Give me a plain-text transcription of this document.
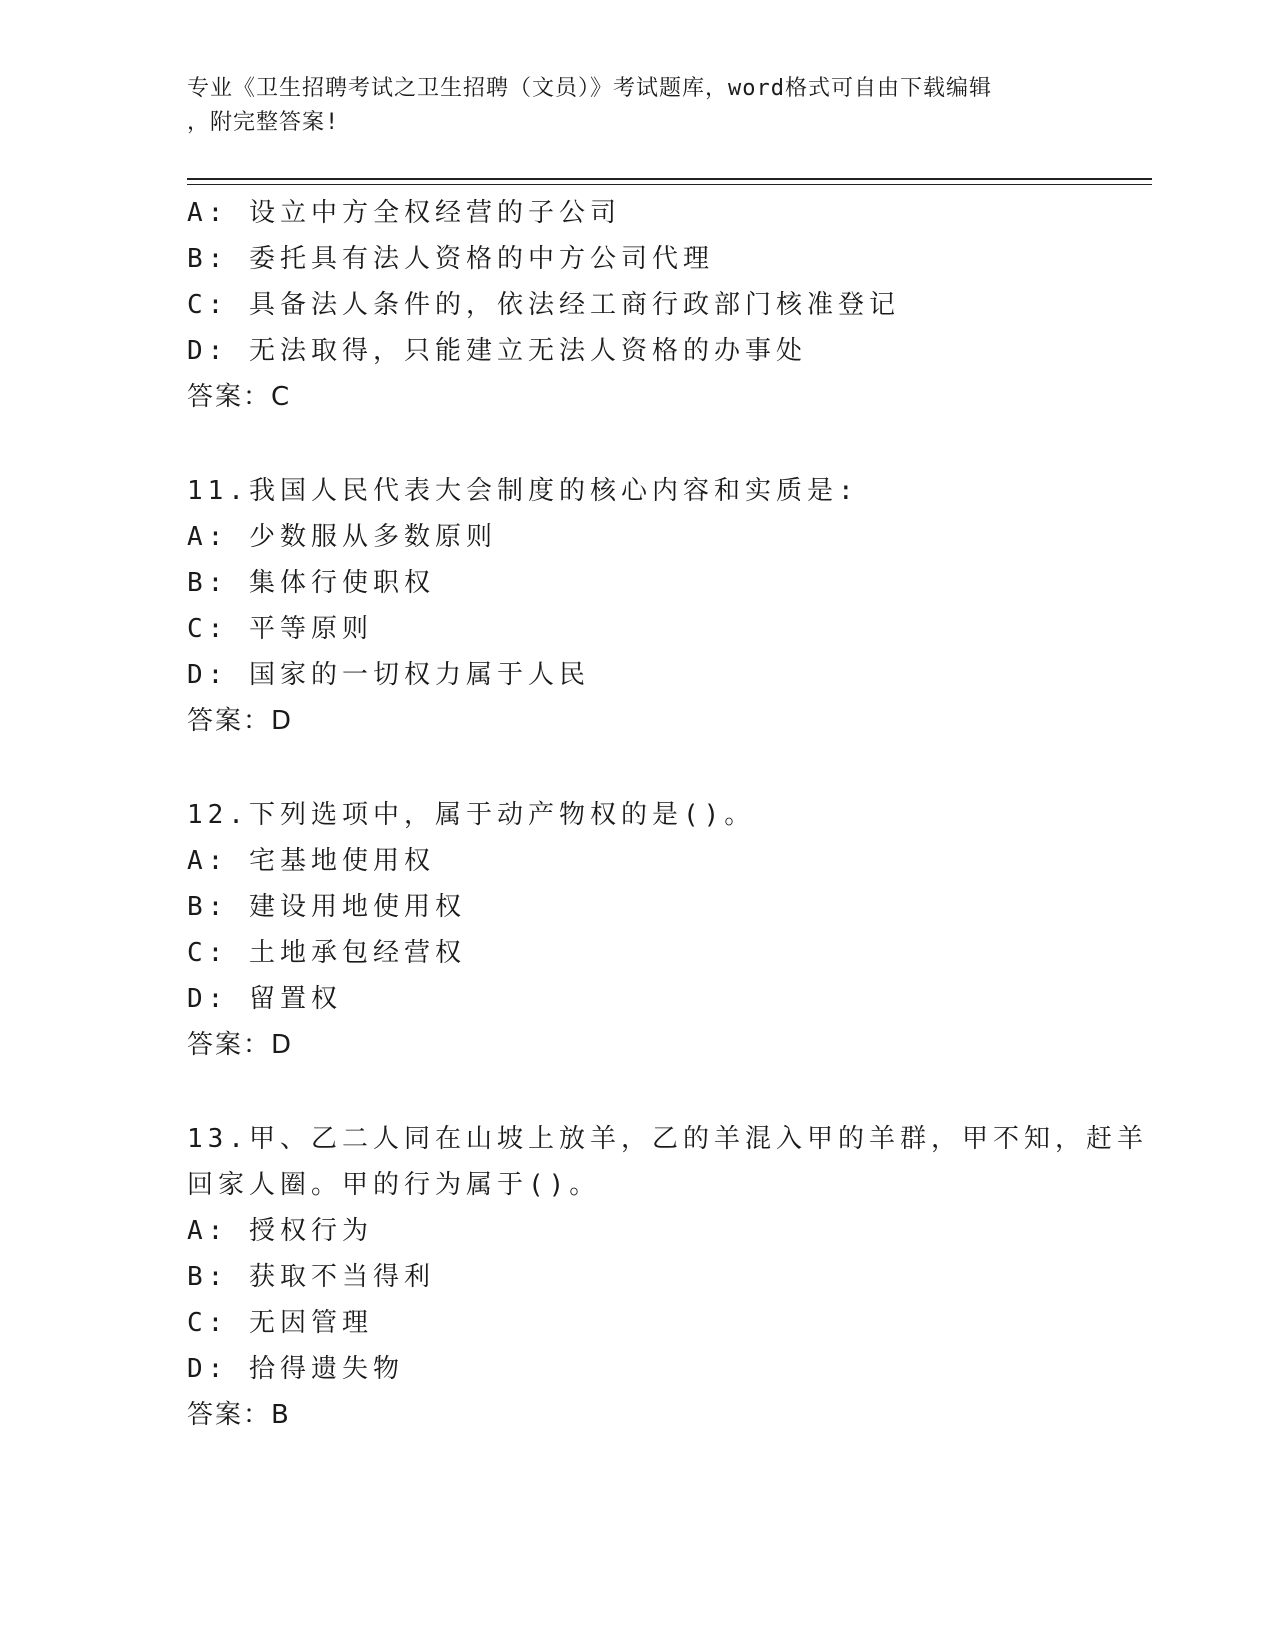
专业《卫生招聘考试之卫生招聘（文员）》考试题库，word格式可自由下载编辑
，附完整答案!
A: 设立中方全权经营的子公司
B: 委托具有法人资格的中方公司代理
C: 具备法人条件的，依法经工商行政部门核准登记
D: 无法取得，只能建立无法人资格的办事处
答案：C
11.我国人民代表大会制度的核心内容和实质是:
A: 少数服从多数原则
B: 集体行使职权
C: 平等原则
D: 国家的一切权力属于人民
答案：D
12.下列选项中，属于动产物权的是()。
A: 宅基地使用权
B: 建设用地使用权
C: 土地承包经营权
D: 留置权
答案：D
13.甲、乙二人同在山坡上放羊，乙的羊混入甲的羊群，甲不知，赶羊
回家人圈。甲的行为属于()。
A: 授权行为
B: 获取不当得利
C: 无因管理
D: 拾得遗失物
答案：B
